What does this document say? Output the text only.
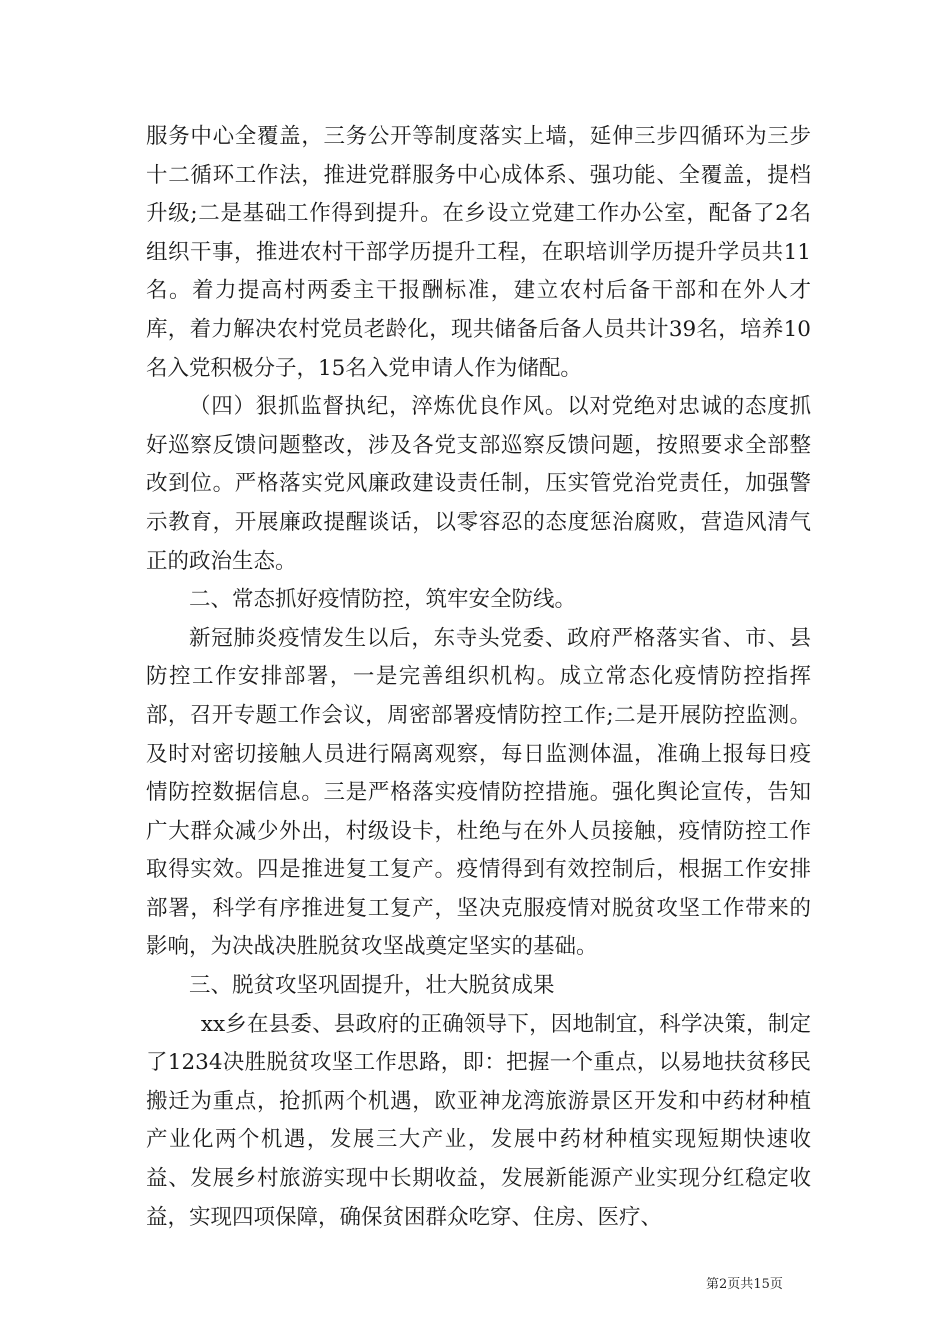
服务中心全覆盖，三务公开等制度落实上墙，延伸三步四循环为三步十二循环工作法，推进党群服务中心成体系、强功能、全覆盖，提档升级;二是基础工作得到提升。在乡设立党建工作办公室，配备了2名组织干事，推进农村干部学历提升工程，在职培训学历提升学员共11名。着力提高村两委主干报酬标准，建立农村后备干部和在外人才库，着力解决农村党员老龄化，现共储备后备人员共计39名，培养10名入党积极分子，15名入党申请人作为储配。

（四）狠抓监督执纪，淬炼优良作风。以对党绝对忠诚的态度抓好巡察反馈问题整改，涉及各党支部巡察反馈问题，按照要求全部整改到位。严格落实党风廉政建设责任制，压实管党治党责任，加强警示教育，开展廉政提醒谈话，以零容忍的态度惩治腐败，营造风清气正的政治生态。

二、常态抓好疫情防控，筑牢安全防线。

新冠肺炎疫情发生以后，东寺头党委、政府严格落实省、市、县防控工作安排部署，一是完善组织机构。成立常态化疫情防控指挥部，召开专题工作会议，周密部署疫情防控工作;二是开展防控监测。及时对密切接触人员进行隔离观察，每日监测体温，准确上报每日疫情防控数据信息。三是严格落实疫情防控措施。强化舆论宣传，告知广大群众减少外出，村级设卡，杜绝与在外人员接触，疫情防控工作取得实效。四是推进复工复产。疫情得到有效控制后，根据工作安排部署，科学有序推进复工复产，坚决克服疫情对脱贫攻坚工作带来的影响，为决战决胜脱贫攻坚战奠定坚实的基础。

三、脱贫攻坚巩固提升，壮大脱贫成果

xx乡在县委、县政府的正确领导下，因地制宜，科学决策，制定了1234决胜脱贫攻坚工作思路，即：把握一个重点，以易地扶贫移民搬迁为重点，抢抓两个机遇，欧亚神龙湾旅游景区开发和中药材种植产业化两个机遇，发展三大产业，发展中药材种植实现短期快速收益、发展乡村旅游实现中长期收益，发展新能源产业实现分红稳定收益，实现四项保障，确保贫困群众吃穿、住房、医疗、

第2页共15页
